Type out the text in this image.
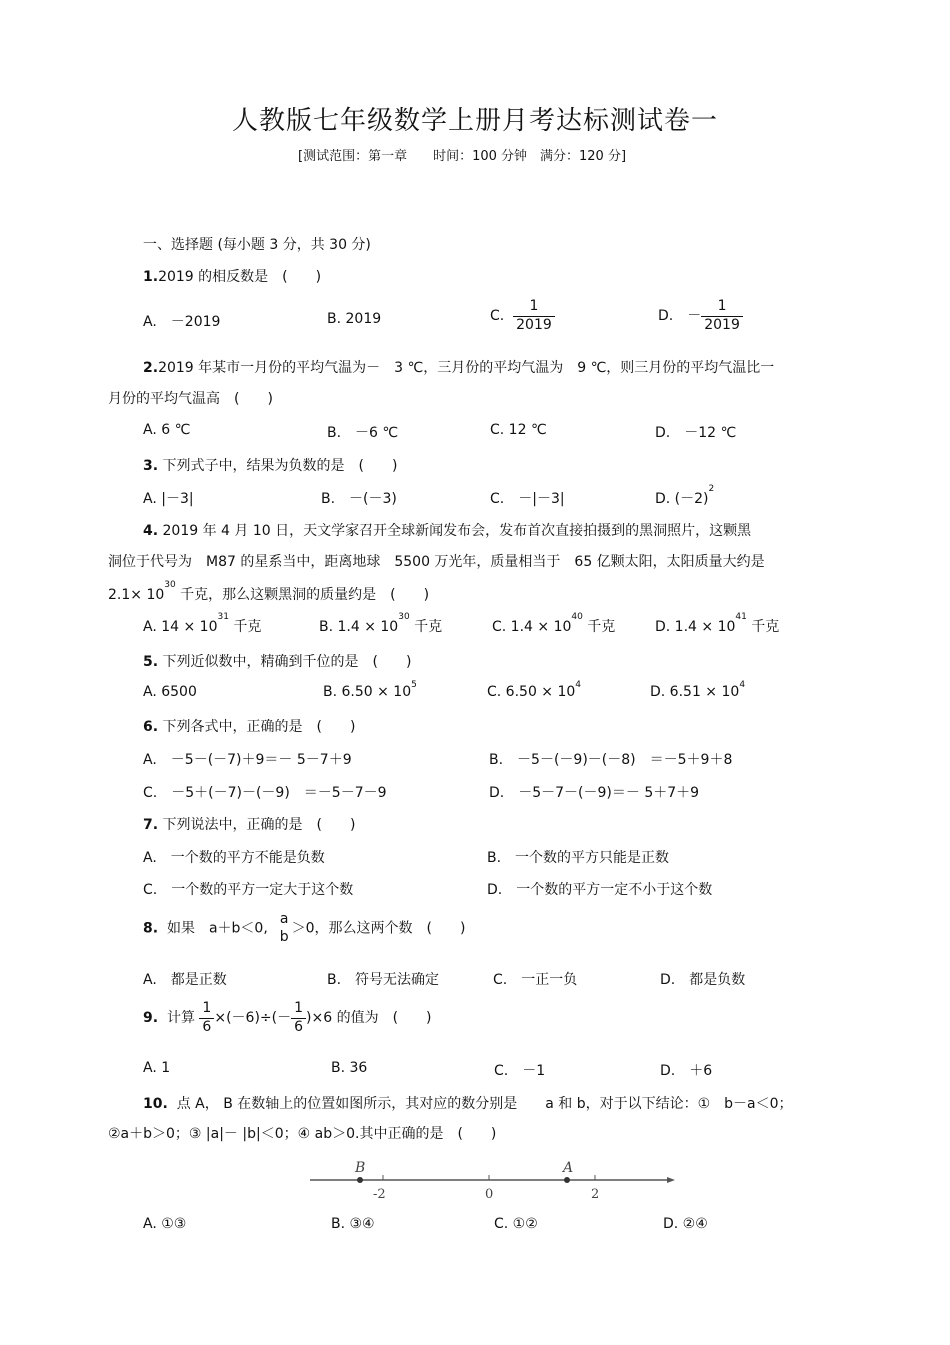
人教版七年级数学上册月考达标测试卷一
[测试范围：第一章　　时间：100 分钟　满分：120 分]
一、选择题 (每小题 3 分，共 30 分)
1.2019 的相反数是　(　　)
A.　－2019	B. 2019	C. $\frac{1}{2019}$	D.　－ $\frac{1}{2019}$
2.2019 年某市一月份的平均气温为－　3 ℃，三月份的平均气温为　9 ℃，则三月份的平均气温比一
月份的平均气温高　(　　)
A. 6 ℃	B.　－6 ℃	C. 12 ℃	D.　－12 ℃
3. 下列式子中，结果为负数的是　(　　)
A. |－3|	B.　－(－3)	C.　－|－3|	D. $(-2)^2$
4. 2019 年 4 月 10 日，天文学家召开全球新闻发布会，发布首次直接拍摄到的黑洞照片，这颗黑
洞位于代号为　M87 的星系当中，距离地球　5500 万光年，质量相当于　65 亿颗太阳，太阳质量大约是
$2.1\times 10^{30}$ 千克，那么这颗黑洞的质量约是　(　　)
A. $14 \times 10^{31}$ 千克	B. $1.4 \times 10^{30}$ 千克	C. $1.4 \times 10^{40}$ 千克	D. $1.4 \times 10^{41}$ 千克
5. 下列近似数中，精确到千位的是　(　　)
A. 6500	B. $6.50 \times 10^5$	C. $6.50 \times 10^4$	D. $6.51 \times 10^4$
6. 下列各式中，正确的是　(　　)
A.　－5－(－7)＋9＝－ 5－7＋9	B.　－5－(－9)－(－8)　＝－5＋9＋8
C.　－5＋(－7)－(－9)　＝－5－7－9	D.　－5－7－(－9)＝－ 5＋7＋9
7. 下列说法中，正确的是　(　　)
A.　一个数的平方不能是负数	B.　一个数的平方只能是正数
C.　一个数的平方一定大于这个数	D.　一个数的平方一定不小于这个数
8. 如果　a＋b＜0,
a
b ＞0，那么这两个数　(　　)
A.　都是正数	B.　符号无法确定	C.　一正一负	D.　都是负数
9. 计算 $\frac{1}{6} \times(-6)\div(- \frac{1}{6} )\times 6$ 的值为　(　　)
A. 1	B. 36	C.　－1	D.　＋6
10. 点 A， B 在数轴上的位置如图所示，其对应的数分别是　　a 和 b，对于以下结论：①　b－a＜0；
②a＋b＞0；③ |a|－ |b|＜0；④ ab＞0.其中正确的是　(　　)
B	A
-2	0	2
A. ①③	B. ③④	C. ①②	D. ②④
